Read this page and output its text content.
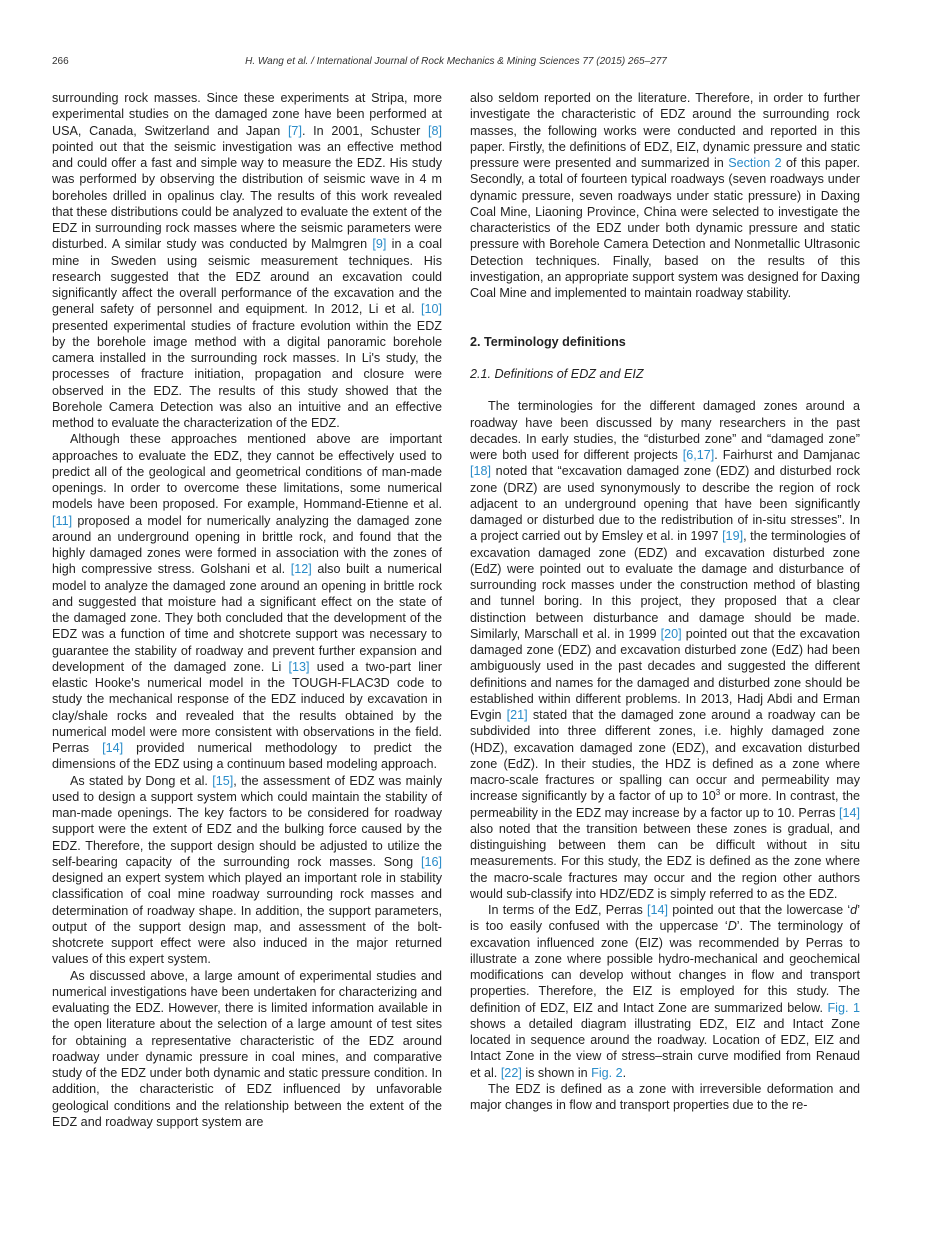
266	H. Wang et al. / International Journal of Rock Mechanics & Mining Sciences 77 (2015) 265–277

surrounding rock masses. Since these experiments at Stripa, more experimental studies on the damaged zone have been performed at USA, Canada, Switzerland and Japan [7]. In 2001, Schuster [8] pointed out that the seismic investigation was an effective method and could offer a fast and simple way to measure the EDZ. His study was performed by observing the distribution of seismic wave in 4 m boreholes drilled in opalinus clay. The results of this work revealed that these distributions could be analyzed to evaluate the extent of the EDZ in surrounding rock masses where the seismic parameters were disturbed. A similar study was conducted by Malmgren [9] in a coal mine in Sweden using seismic measurement techniques. His research suggested that the EDZ around an excavation could significantly affect the overall performance of the excavation and the general safety of personnel and equipment. In 2012, Li et al. [10] presented experimental studies of fracture evolution within the EDZ by the borehole image method with a digital panoramic borehole camera installed in the surrounding rock masses. In Li's study, the processes of fracture initiation, propagation and closure were observed in the EDZ. The results of this study showed that the Borehole Camera Detection was also an intuitive and an effective method to evaluate the characterization of the EDZ.

Although these approaches mentioned above are important approaches to evaluate the EDZ, they cannot be effectively used to predict all of the geological and geometrical conditions of man-made openings. In order to overcome these limitations, some numerical models have been proposed. For example, Hommand-Etienne et al. [11] proposed a model for numerically analyzing the damaged zone around an underground opening in brittle rock, and found that the highly damaged zones were formed in association with the zones of high compressive stress. Golshani et al. [12] also built a numerical model to analyze the damaged zone around an opening in brittle rock and suggested that moisture had a significant effect on the state of the damaged zone. They both concluded that the development of the EDZ was a function of time and shotcrete support was necessary to guarantee the stability of roadway and prevent further expansion and development of the damaged zone. Li [13] used a two-part liner elastic Hooke's numerical model in the TOUGH-FLAC3D code to study the mechanical response of the EDZ induced by excavation in clay/shale rocks and revealed that the results obtained by the numerical model were more consistent with observations in the field. Perras [14] provided numerical methodology to predict the dimensions of the EDZ using a continuum based modeling approach.

As stated by Dong et al. [15], the assessment of EDZ was mainly used to design a support system which could maintain the stability of man-made openings. The key factors to be considered for roadway support were the extent of EDZ and the bulking force caused by the EDZ. Therefore, the support design should be adjusted to utilize the self-bearing capacity of the surrounding rock masses. Song [16] designed an expert system which played an important role in stability classification of coal mine roadway surrounding rock masses and determination of roadway shape. In addition, the support parameters, output of the support design map, and assessment of the bolt-shotcrete support effect were also induced in the major returned values of this expert system.

As discussed above, a large amount of experimental studies and numerical investigations have been undertaken for characterizing and evaluating the EDZ. However, there is limited information available in the open literature about the selection of a large amount of test sites for obtaining a representative characteristic of the EDZ around roadway under dynamic pressure in coal mines, and comparative study of the EDZ under both dynamic and static pressure condition. In addition, the characteristic of EDZ influenced by unfavorable geological conditions and the relationship between the extent of the EDZ and roadway support system are

also seldom reported on the literature. Therefore, in order to further investigate the characteristic of EDZ around the surrounding rock masses, the following works were conducted and reported in this paper. Firstly, the definitions of EDZ, EIZ, dynamic pressure and static pressure were presented and summarized in Section 2 of this paper. Secondly, a total of fourteen typical roadways (seven roadways under dynamic pressure, seven roadways under static pressure) in Daxing Coal Mine, Liaoning Province, China were selected to investigate the characteristics of the EDZ under both dynamic pressure and static pressure with Borehole Camera Detection and Nonmetallic Ultrasonic Detection techniques. Finally, based on the results of this investigation, an appropriate support system was designed for Daxing Coal Mine and implemented to maintain roadway stability.

2. Terminology definitions
2.1. Definitions of EDZ and EIZ

The terminologies for the different damaged zones around a roadway have been discussed by many researchers in the past decades. In early studies, the “disturbed zone” and “damaged zone” were both used for different projects [6,17]. Fairhurst and Damjanac [18] noted that “excavation damaged zone (EDZ) and disturbed rock zone (DRZ) are used synonymously to describe the region of rock adjacent to an underground opening that have been significantly damaged or disturbed due to the redistribution of in-situ stresses”. In a project carried out by Emsley et al. in 1997 [19], the terminologies of excavation damaged zone (EDZ) and excavation disturbed zone (EdZ) were pointed out to evaluate the damage and disturbance of surrounding rock masses under the construction method of blasting and tunnel boring. In this project, they proposed that a clear distinction between disturbance and damage should be made. Similarly, Marschall et al. in 1999 [20] pointed out that the excavation damaged zone (EDZ) and excavation disturbed zone (EdZ) had been ambiguously used in the past decades and suggested the different definitions and names for the damaged and disturbed zone should be established within different problems. In 2013, Hadj Abdi and Erman Evgin [21] stated that the damaged zone around a roadway can be subdivided into three different zones, i.e. highly damaged zone (HDZ), excavation damaged zone (EDZ), and excavation disturbed zone (EdZ). In their studies, the HDZ is defined as a zone where macro-scale fractures or spalling can occur and permeability may increase significantly by a factor of up to $10^3$ or more. In contrast, the permeability in the EDZ may increase by a factor up to 10. Perras [14] also noted that the transition between these zones is gradual, and distinguishing between them can be difficult without in situ measurements. For this study, the EDZ is defined as the zone where the macro-scale fractures may occur and the region other authors would sub-classify into HDZ/EDZ is simply referred to as the EDZ.

In terms of the EdZ, Perras [14] pointed out that the lowercase ‘d’ is too easily confused with the uppercase ‘D’. The terminology of excavation influenced zone (EIZ) was recommended by Perras to illustrate a zone where possible hydro-mechanical and geochemical modifications can develop without changes in flow and transport properties. Therefore, the EIZ is employed for this study. The definition of EDZ, EIZ and Intact Zone are summarized below. Fig. 1 shows a detailed diagram illustrating EDZ, EIZ and Intact Zone located in sequence around the roadway. Location of EDZ, EIZ and Intact Zone in the view of stress–strain curve modified from Renaud et al. [22] is shown in Fig. 2.

The EDZ is defined as a zone with irreversible deformation and major changes in flow and transport properties due to the re-
